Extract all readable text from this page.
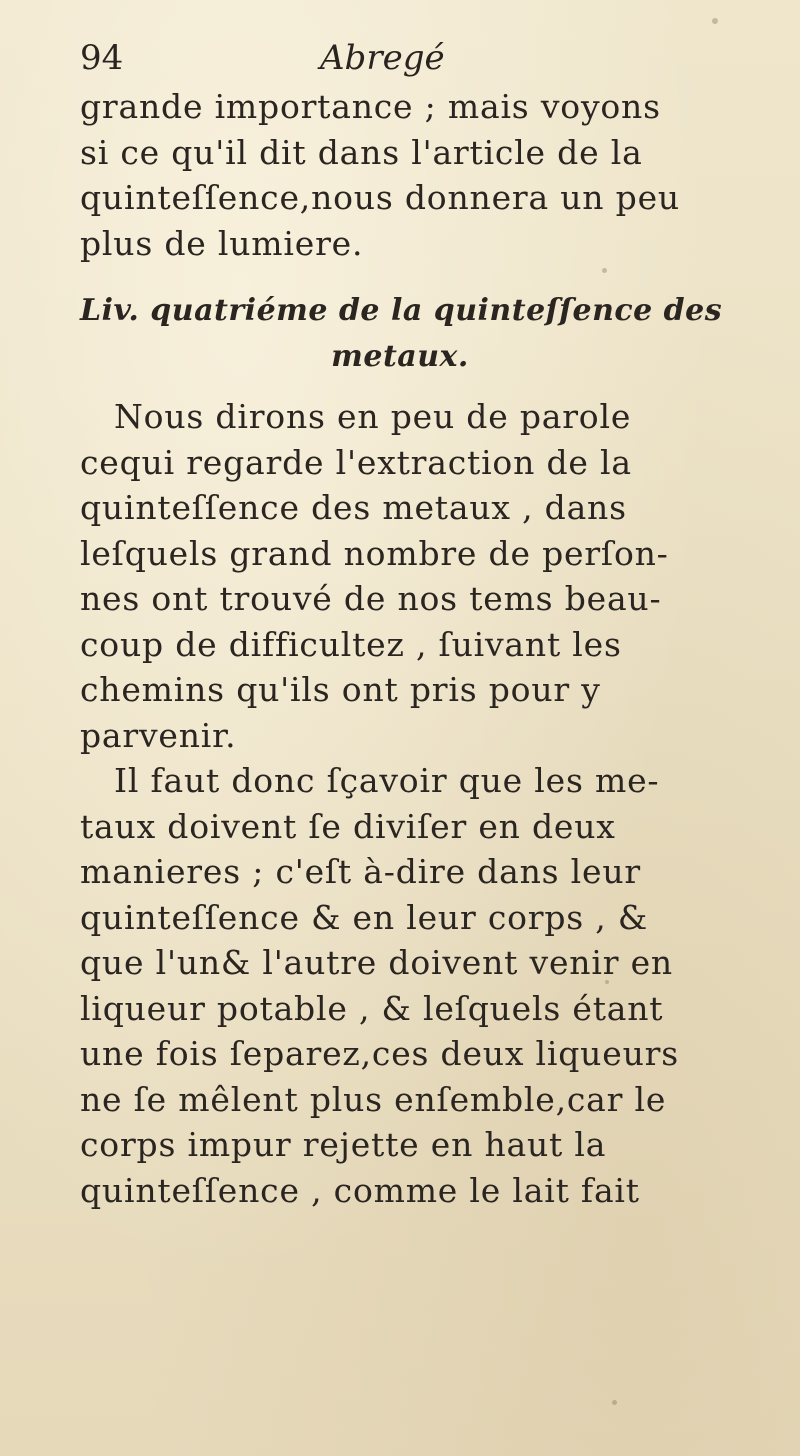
94	Abregé
grande importance ; mais voyons
si ce qu'il dit dans l'article de la
quinteſſence,nous donnera un peu
plus de lumiere.
Liv. quatriéme de la quinteſſence des
metaux.
Nous dirons en peu de parole
cequi regarde l'extraction de la
quinteſſence des metaux , dans
leſquels grand nombre de perſon-
nes ont trouvé de nos tems beau-
coup de difficultez , ſuivant les
chemins qu'ils ont pris pour y
parvenir.
Il faut donc ſçavoir que les me-
taux doivent ſe diviſer en deux
manieres ; c'eſt à-dire dans leur
quinteſſence & en leur corps , &
que l'un& l'autre doivent venir en
liqueur potable , & leſquels étant
une fois ſeparez,ces deux liqueurs
ne ſe mêlent plus enſemble,car le
corps impur rejette en haut la
quinteſſence , comme le lait fait
